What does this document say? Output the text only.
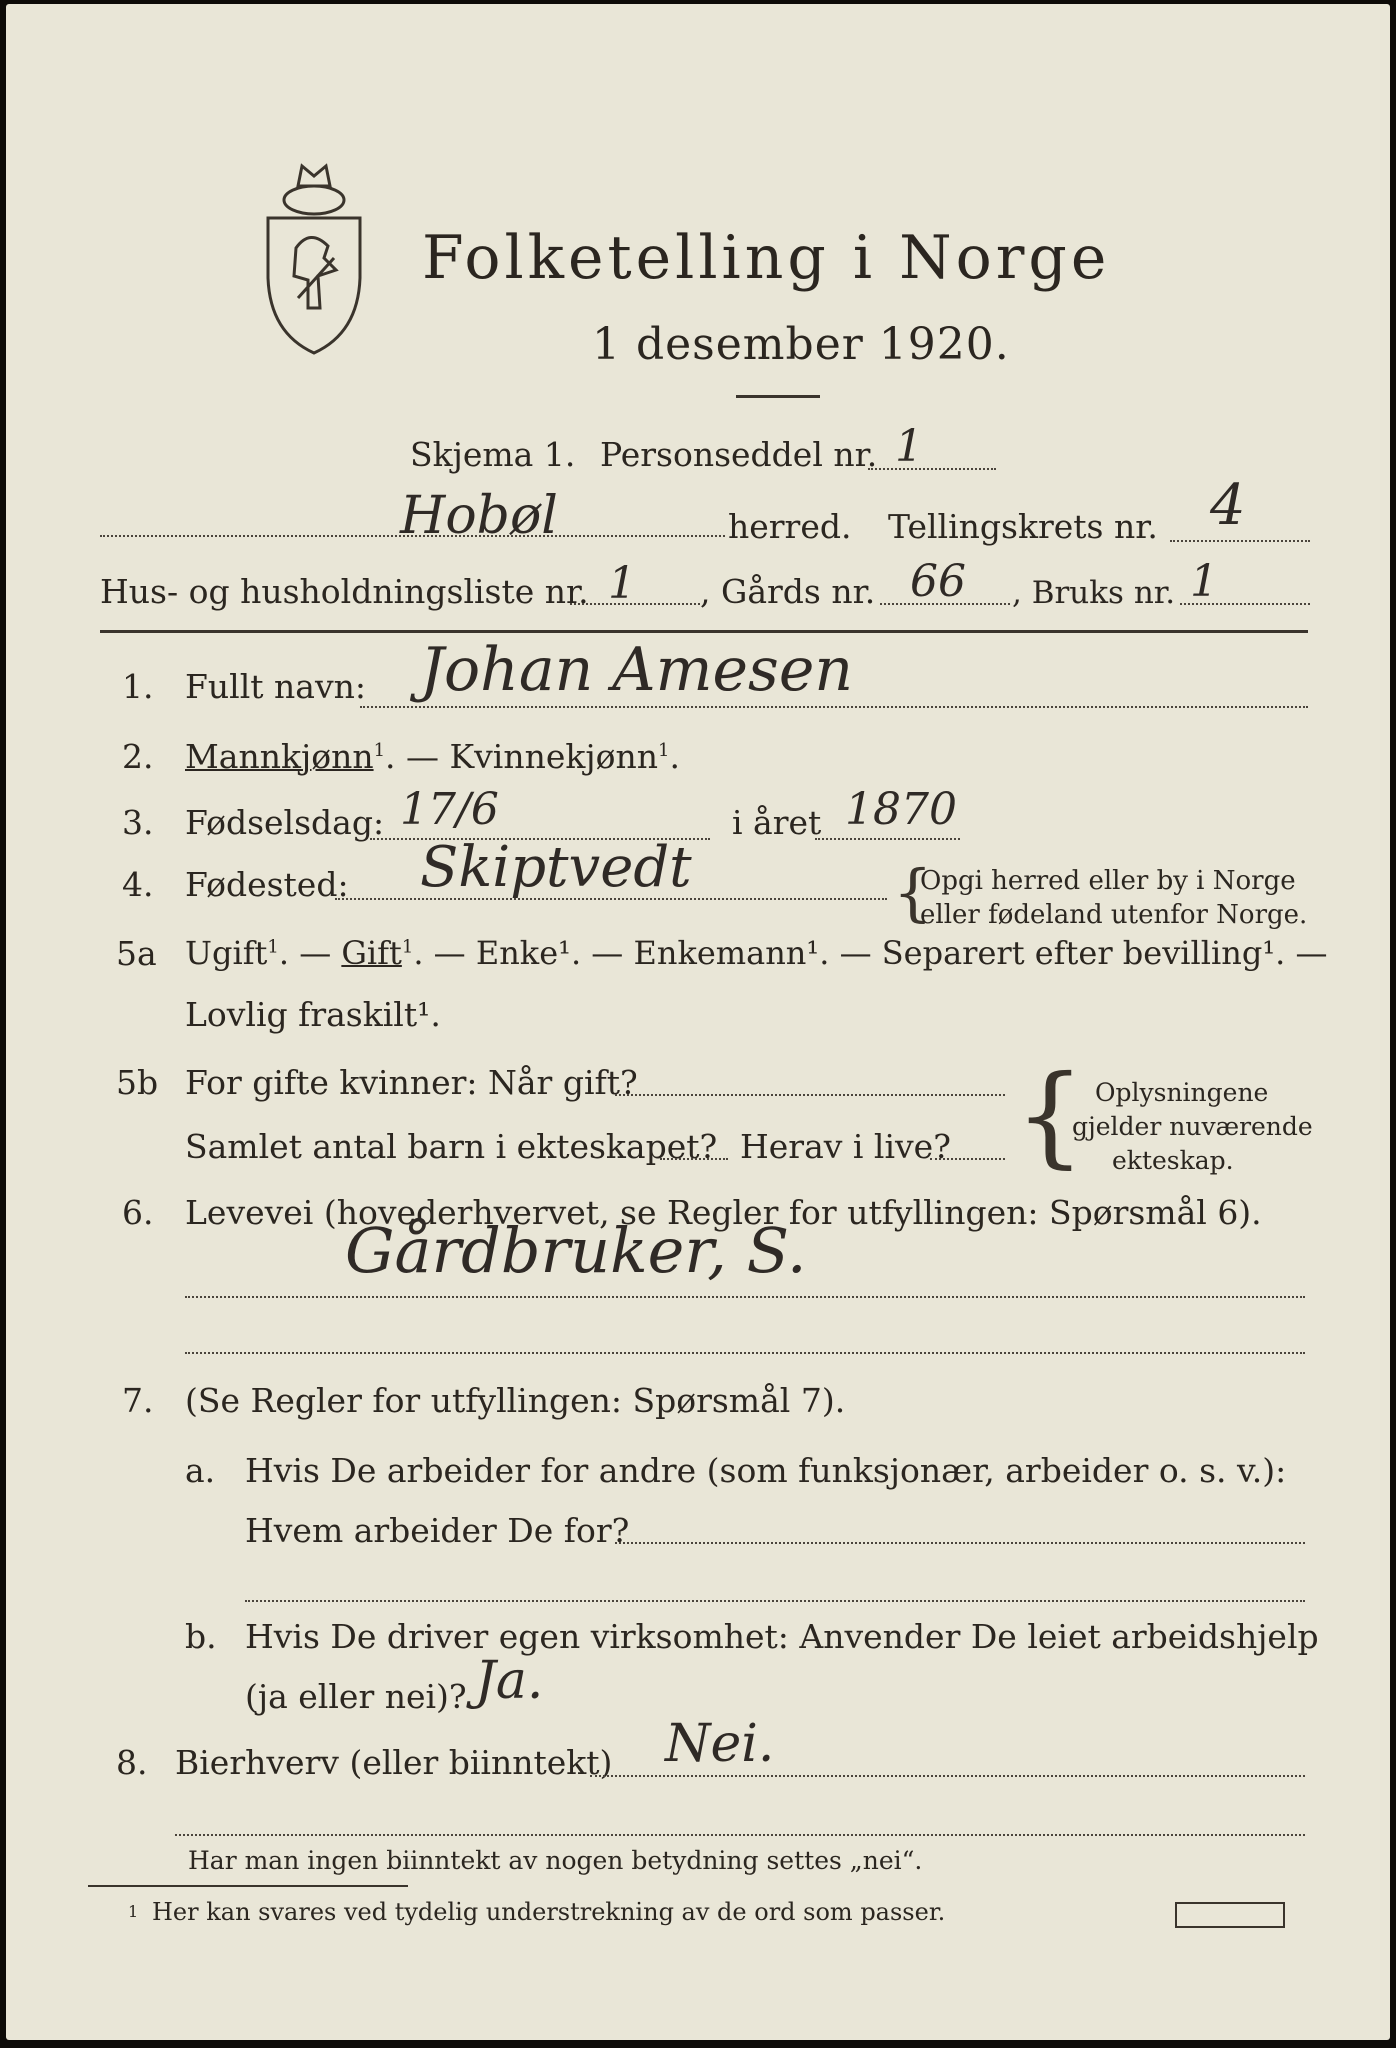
Folketelling i Norge
1 desember 1920.
Skjema 1. Personseddel nr. 1
Hobøl	herred. Tellingskrets nr. 4
Hus- og husholdningsliste nr. 1 , Gårds nr. 66 , Bruks nr. 1
1. Fullt navn: Johan Amesen
2. Mannkjønn$^1$. — Kvinnekjønn$^1$.
3. Fødselsdag: 17/6	i året 1870
4. Fødested: Skiptvedt	{
Opgi herred eller by i Norge
eller fødeland utenfor Norge.
5a Ugift$^1$. — Gift$^1$. — Enke¹. — Enkemann¹. — Separert efter bevilling¹. —
Lovlig fraskilt¹.
5b For gifte kvinner: Når gift?
Samlet antal barn i ekteskapet? Herav i live? { Oplysningene
gjelder nuværende
ekteskap.
6. Levevei (hovederhvervet, se Regler for utfyllingen: Spørsmål 6).
Gårdbruker, S.
7. (Se Regler for utfyllingen: Spørsmål 7).
a. Hvis De arbeider for andre (som funksjonær, arbeider o. s. v.):
Hvem arbeider De for?
b. Hvis De driver egen virksomhet: Anvender De leiet arbeidshjelp
(ja eller nei)? Ja.
8. Bierhverv (eller biinntekt) Nei.
Har man ingen biinntekt av nogen betydning settes „nei“.
1 Her kan svares ved tydelig understrekning av de ord som passer.
